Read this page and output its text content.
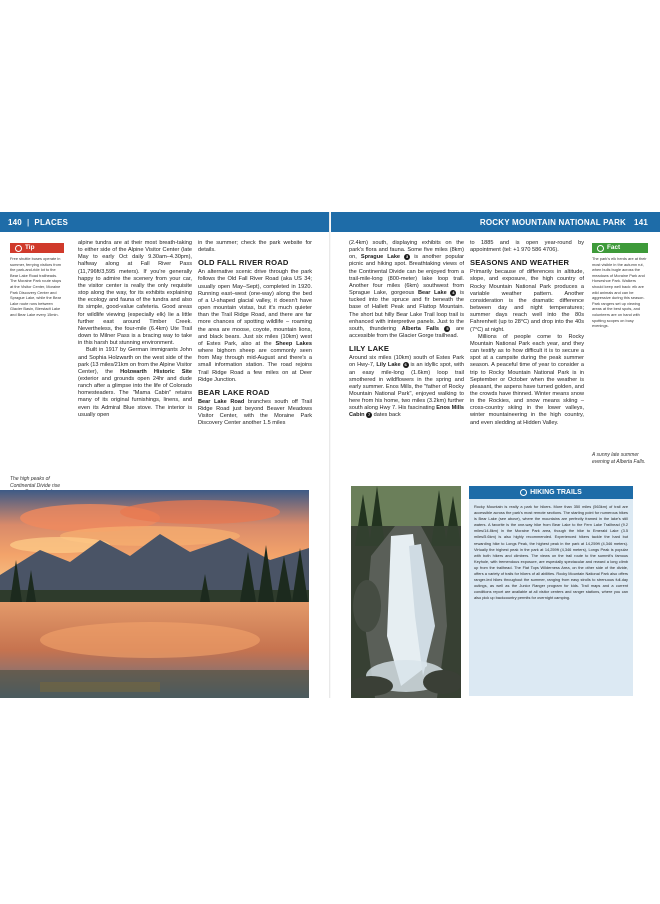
140 | PLACES	ROCKY MOUNTAIN NATIONAL PARK 141
Tip
Free shuttle buses operate in summer, ferrying visitors from the park-and-ride lot to the Bear Lake Road trailheads. The Moraine Park route stops at the Visitor Center, Moraine Park Discovery Center and Sprague Lake, while the Bear Lake route runs between Glacier Basin, Bierstadt Lake and Bear Lake every 15min.
The high peaks of Continental Divide rise

alpine tundra are at their most breath-taking to either side of the Alpine Visitor Center (late May to early Oct daily 9.30am–4.30pm), halfway along at Fall River Pass (11,796ft/3,595 meters). If you're generally happy to admire the scenery from your car, the visitor center is really the only requisite stop along the way, for its exhibits explaining the ecology and fauna of the tundra and also its simple, good-value cafeteria. Good areas for wildlife viewing (especially elk) lie a little further east around Timber Creek. Nevertheless, the four-mile (6.4km) Ute Trail down to Milner Pass is a bracing way to take in this harsh but stunning environment.

Built in 1917 by German immigrants John and Sophia Holzwarth on the west side of the park (13 miles/21km on from the Alpine Visitor Center), the Holzwarth Historic Site (exterior and grounds open 24hr and dude ranch after a glimpse into the life of Colorado homesteaders. The "Mama Cabin" retains many of its original furnishings, linens, and even its Admiral Blue stove. The interior is usually open

in the summer; check the park website for details.

OLD FALL RIVER ROAD

An alternative scenic drive through the park follows the Old Fall River Road (aka US 34; usually open May–Sept), completed in 1920. Running east–west (one-way) along the bed of a U-shaped glacial valley, it doesn't have open mountain vistas, but it's much quieter than the Trail Ridge Road, and there are far more chances of spotting wildlife – roaming the area are moose, coyote, mountain lions, and black bears. Just six miles (10km) west of Estes Park, also at the Sheep Lakes where bighorn sheep are commonly seen from May through mid-August and there's a small information station. The road rejoins Trail Ridge Road a few miles on at Deer Ridge Junction.

BEAR LAKE ROAD

Bear Lake Road branches south off Trail Ridge Road just beyond Beaver Meadows Visitor Center, with the Moraine Park Discovery Center another 1.5 miles

(2.4km) south, displaying exhibits on the park's flora and fauna. Some five miles (8km) on, Sprague Lake 3 is another popular picnic and hiking spot. Breathtaking views of the Continental Divide can be enjoyed from a trail-mile-long (800-meter) lake loop trail. Another four miles (6km) southwest from Sprague Lake, gorgeous Bear Lake 4 is tucked into the spruce and fir beneath the base of Hallett Peak and Flattop Mountain. The short but hilly Bear Lake Trail loop trail is enhanced with interpretive panels. Just to the south, thundering Alberta Falls 5 are accessible from the Glacier Gorge trailhead.

LILY LAKE

Around six miles (10km) south of Estes Park on Hwy-7, Lily Lake 6 is an idyllic spot, with an easy mile-long (1.6km) loop trail smothered in wildflowers in the spring and early summer. Enos Mills, the "father of Rocky Mountain National Park", enjoyed walking to here from his home, two miles (3.2km) further south along Hwy 7. His fascinating Enos Mills Cabin 7 dates back

to 1885 and is open year-round by appointment (tel: +1 970 586 4706).

SEASONS AND WEATHER

Primarily because of differences in altitude, slope, and exposure, the high country of Rocky Mountain National Park produces a variable weather pattern. Another consideration is the dramatic difference between day and night temperatures; summer days reach well into the 80s Fahrenheit (up to 28°C) and drop into the 40s (7°C) at night.

Millions of people come to Rocky Mountain National Park each year, and they can testify as to how difficult it is to secure a spot at a campsite during the peak summer season. A peaceful time of year to consider a trip to Rocky Mountain National Park is in September or October when the weather is pleasant, the aspens have turned golden, and the crowds have thinned. Winter means snow in the Rockies, and snow means skiing – cross-country skiing in the lower valleys, winter mountaineering in the high country, and even sledding at Hidden Valley.

Fact
The park's elk herds are at their most visible in the autumn rut, when bulls bugle across the meadows of Moraine Park and Horseshoe Park. Walkers should keep well back: elk are wild animals and can be aggressive during this season. Park rangers set up viewing areas at the best spots, and volunteers are on hand with spotting scopes on busy evenings.
A sunny late summer evening at Alberta Falls.
HIKING TRAILS
Rocky Mountain is really a park for hikers. More than 350 miles (563km) of trail are accessible across the park's most remote sections. The starting point for numerous hikes is Bear Lake (see above), where the mountains are perfectly framed in the lake's still waters. A favorite is the one-way hike from Bear Lake to the Fern Lake Trailhead (9.2 miles/14.8km) in the Moraine Park area, though the hike to Emerald Lake (3.5 miles/5.6km) is also highly recommended. Experienced hikers tackle the hard but rewarding hike to Longs Peak, the highest peak in the park at 14,259ft (4,346 meters). Virtually the highest peak in the park at 14,259ft (4,346 meters), Longs Peak is popular with both hikers and climbers. The views on the trail route to the summit's famous Keyhole, with tremendous exposure, are especially spectacular and reward a long climb up from the trailhead. The Flat Tops Wilderness Area, on the other side of the divide, offers a variety of trails for hikers of all abilities. Rocky Mountain National Park also offers ranger-led hikes throughout the summer, ranging from easy strolls to strenuous full-day outings, as well as the Junior Ranger program for kids. Trail maps and a current conditions report are available at all visitor centers and ranger stations, where you can also pick up backcountry permits for overnight camping.
